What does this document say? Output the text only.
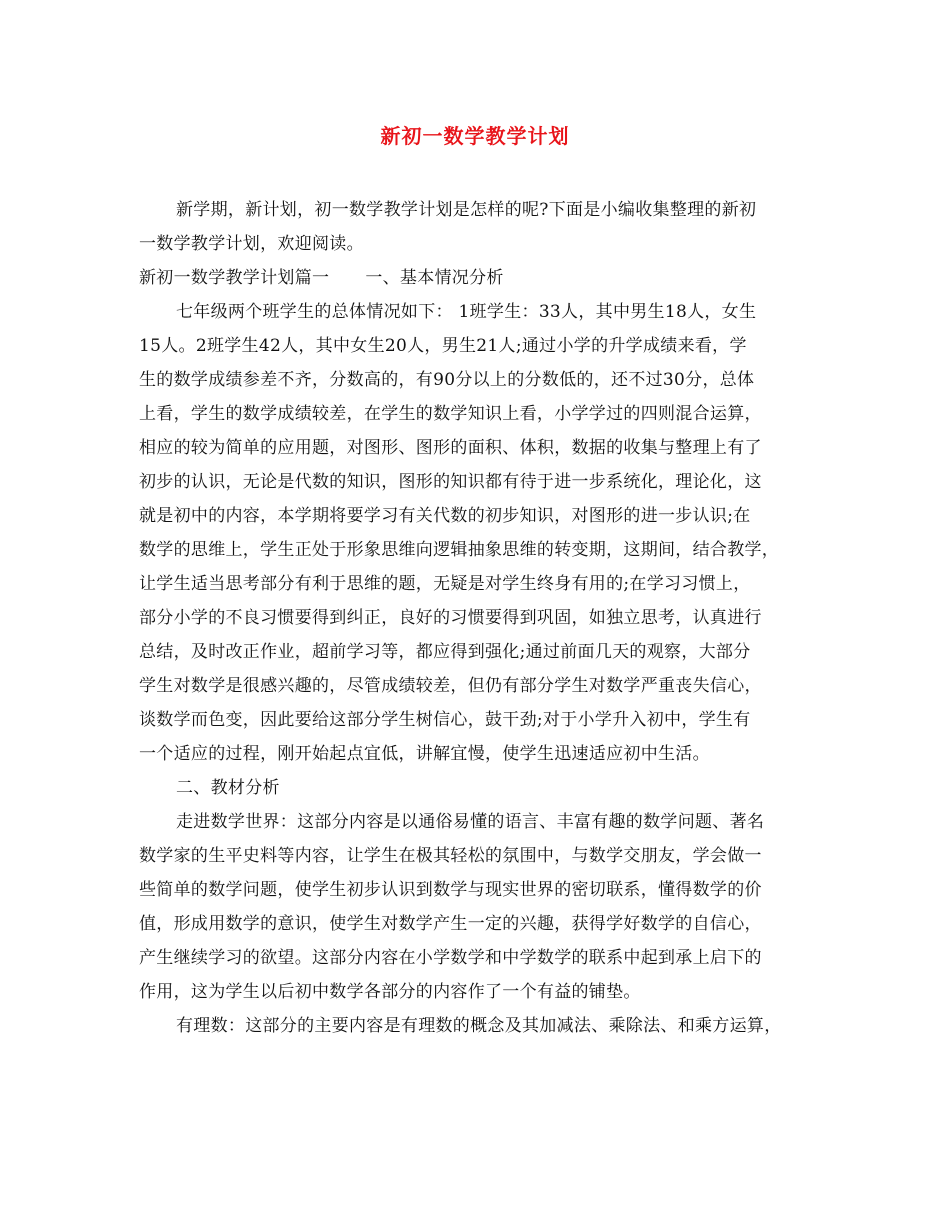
新初一数学教学计划
新学期，新计划，初一数学教学计划是怎样的呢?下面是小编收集整理的新初
一数学教学计划，欢迎阅读。
新初一数学教学计划篇一 一、基本情况分析
七年级两个班学生的总体情况如下： 1班学生：33人，其中男生18人，女生
15人。2班学生42人，其中女生20人，男生21人;通过小学的升学成绩来看，学
生的数学成绩参差不齐，分数高的，有90分以上的分数低的，还不过30分，总体
上看，学生的数学成绩较差，在学生的数学知识上看，小学学过的四则混合运算，
相应的较为简单的应用题，对图形、图形的面积、体积，数据的收集与整理上有了
初步的认识，无论是代数的知识，图形的知识都有待于进一步系统化，理论化，这
就是初中的内容，本学期将要学习有关代数的初步知识，对图形的进一步认识;在
数学的思维上，学生正处于形象思维向逻辑抽象思维的转变期，这期间，结合教学，
让学生适当思考部分有利于思维的题，无疑是对学生终身有用的;在学习习惯上，
部分小学的不良习惯要得到纠正，良好的习惯要得到巩固，如独立思考，认真进行
总结，及时改正作业，超前学习等，都应得到强化;通过前面几天的观察，大部分
学生对数学是很感兴趣的，尽管成绩较差，但仍有部分学生对数学严重丧失信心，
谈数学而色变，因此要给这部分学生树信心，鼓干劲;对于小学升入初中，学生有
一个适应的过程，刚开始起点宜低，讲解宜慢，使学生迅速适应初中生活。
二、教材分析
走进数学世界：这部分内容是以通俗易懂的语言、丰富有趣的数学问题、著名
数学家的生平史料等内容，让学生在极其轻松的氛围中，与数学交朋友，学会做一
些简单的数学问题，使学生初步认识到数学与现实世界的密切联系，懂得数学的价
值，形成用数学的意识，使学生对数学产生一定的兴趣，获得学好数学的自信心，
产生继续学习的欲望。这部分内容在小学数学和中学数学的联系中起到承上启下的
作用，这为学生以后初中数学各部分的内容作了一个有益的铺垫。
有理数：这部分的主要内容是有理数的概念及其加减法、乘除法、和乘方运算，
